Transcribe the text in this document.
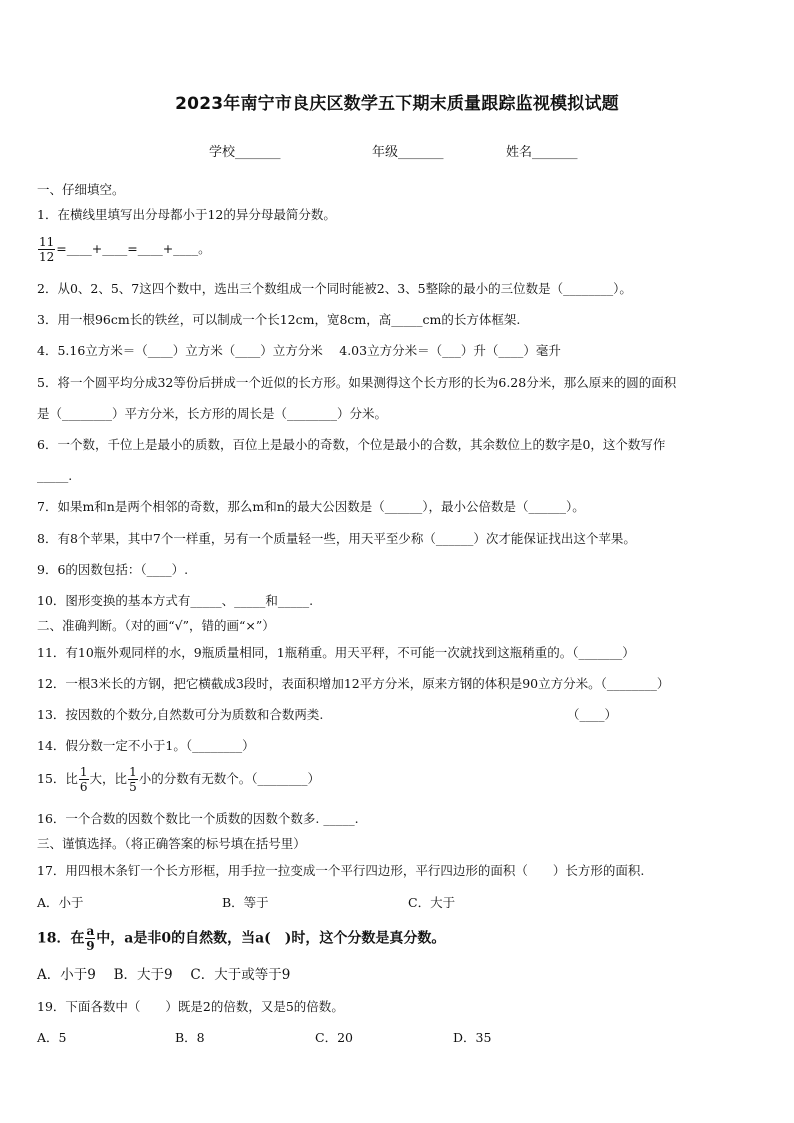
2023年南宁市良庆区数学五下期末质量跟踪监视模拟试题
学校_______	年级_______	姓名_______
一、仔细填空。
1．在横线里填写出分母都小于12的异分母最简分数。
$\frac{11}{12}$ =____+____=____+____。
2．从0、2、5、7这四个数中，选出三个数组成一个同时能被2、3、5整除的最小的三位数是（________）。
3．用一根96cm长的铁丝，可以制成一个长12cm，宽8cm，高_____cm的长方体框架.
4．5.16立方米＝（____）立方米（____）立方分米　 4.03立方分米＝（___）升（____）毫升
5．将一个圆平均分成32等份后拼成一个近似的长方形。如果测得这个长方形的长为6.28分米，那么原来的圆的面积
是（________）平方分米，长方形的周长是（________）分米。
6．一个数，千位上是最小的质数，百位上是最小的奇数，个位是最小的合数，其余数位上的数字是0，这个数写作
_____.
7．如果m和n是两个相邻的奇数，那么m和n的最大公因数是（______），最小公倍数是（______）。
8．有8个苹果，其中7个一样重，另有一个质量轻一些，用天平至少称（______）次才能保证找出这个苹果。
9．6的因数包括：（____）.
10．图形变换的基本方式有_____、_____和_____.
二、准确判断。（对的画“√”，错的画“×”）
11．有10瓶外观同样的水，9瓶质量相同，1瓶稍重。用天平秤，不可能一次就找到这瓶稍重的。（_______）
12．一根3米长的方钢，把它横截成3段时，表面积增加12平方分米，原来方钢的体积是90立方分米。（________）
13．按因数的个数分,自然数可分为质数和合数两类.	（____）
14．假分数一定不小于1。（________）
15．比 $\frac{1}{6}$ 大，比 $\frac{1}{5}$ 小的分数有无数个。（________）
16．一个合数的因数个数比一个质数的因数个数多. _____.
三、谨慎选择。（将正确答案的标号填在括号里）
17．用四根木条钉一个长方形框，用手拉一拉变成一个平行四边形，平行四边形的面积（　　）长方形的面积.
A．小于	B．等于	C．大于
18．在 $\frac{a}{9}$ 中，a是非0的自然数，当a(　)时，这个分数是真分数。
A．小于9　 B．大于9　 C．大于或等于9
19．下面各数中（　　）既是2的倍数，又是5的倍数。
A．5	B．8	C．20	D．35
